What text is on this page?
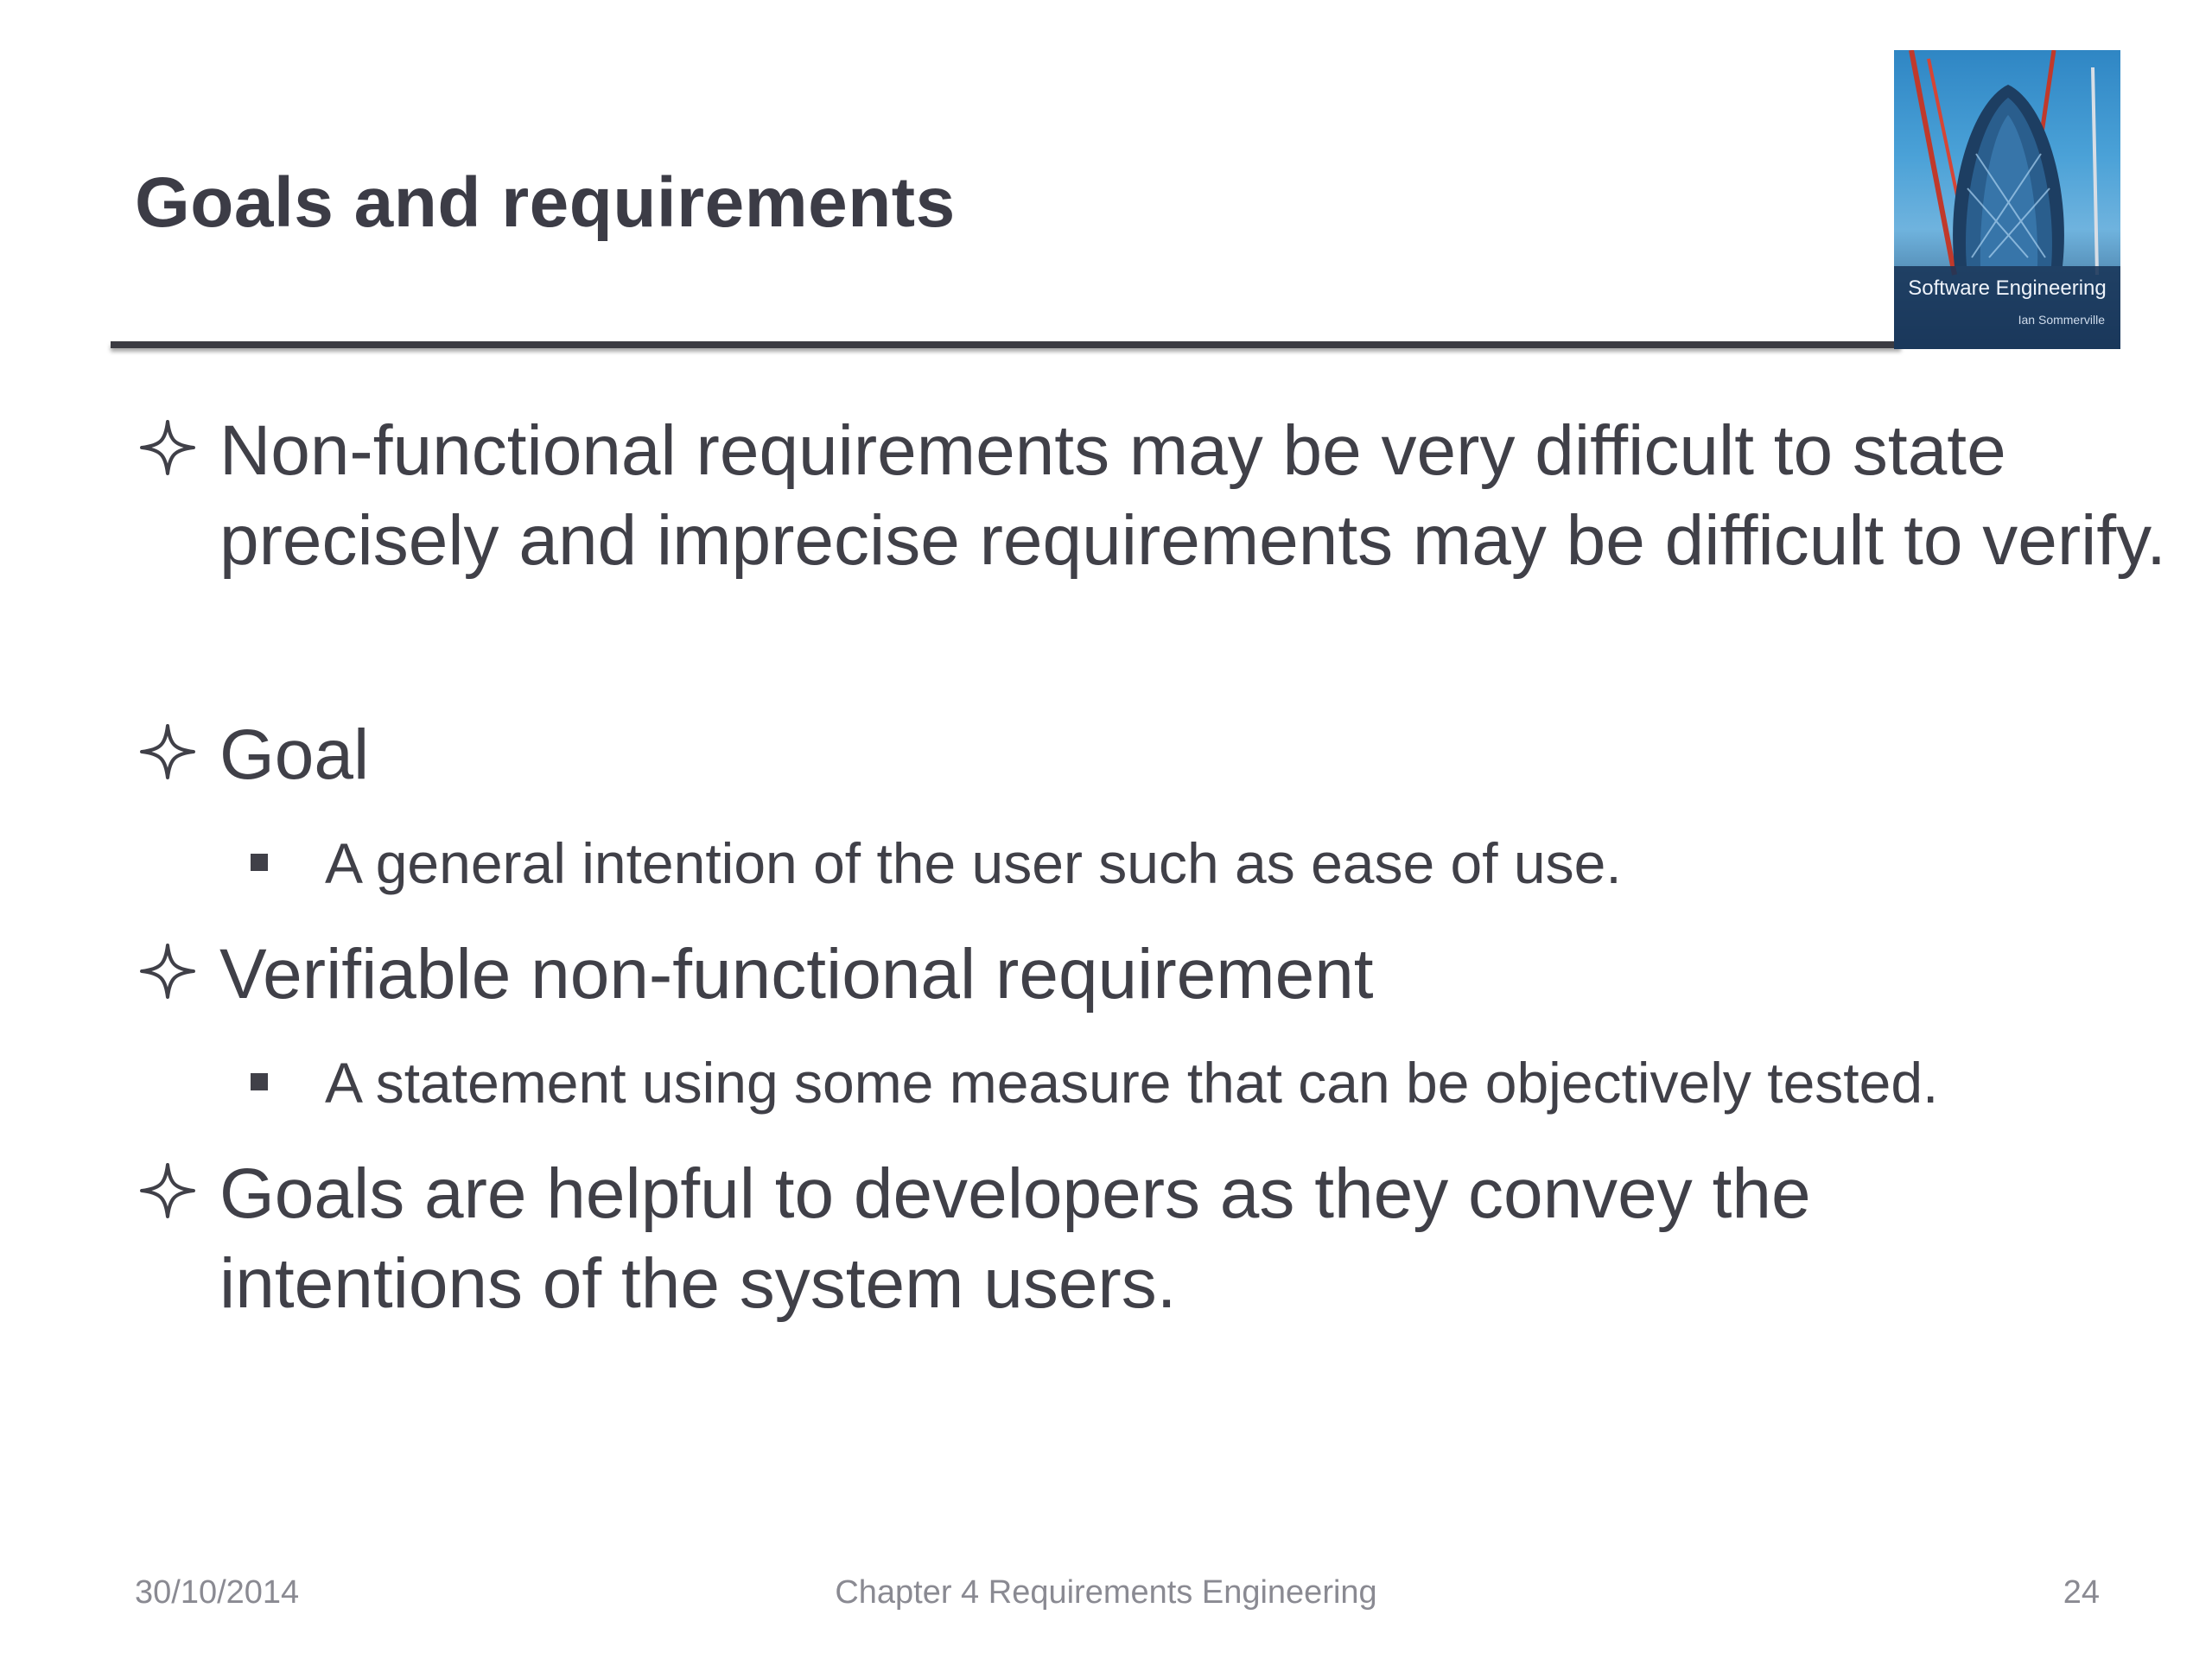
Goals and requirements
Software Engineering
Ian Sommerville
Non-functional requirements may be very difficult to state precisely and imprecise requirements may be difficult to verify.
Goal
A general intention of the user such as ease of use.
Verifiable non-functional requirement
A statement using some measure that can be objectively tested.
Goals are helpful to developers as they convey the intentions of the system users.
30/10/2014	Chapter 4 Requirements Engineering	24
